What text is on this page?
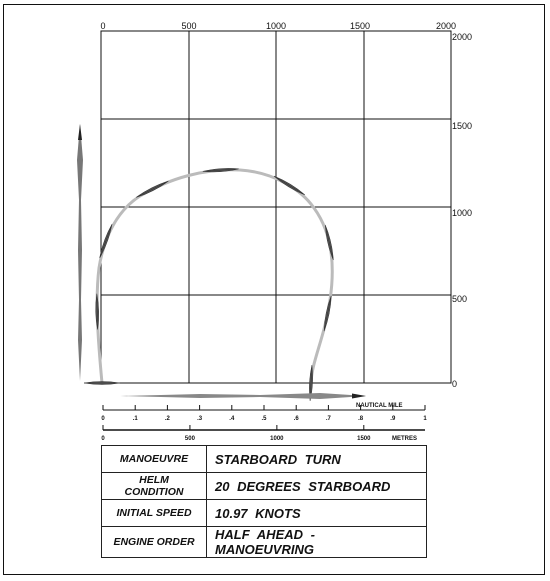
0	500	1000	1500	2000
2000
1500
1000
500
0
NAUTICAL MILE
0	.1	.2	.3	.4	.5	.6	.7	.8	.9	1
0	500	1000	1500	METRES
MANOEUVRE	STARBOARD TURN
HELM CONDITION	20 DEGREES STARBOARD
INITIAL SPEED	10.97 KNOTS
ENGINE ORDER	HALF AHEAD - MANOEUVRING
